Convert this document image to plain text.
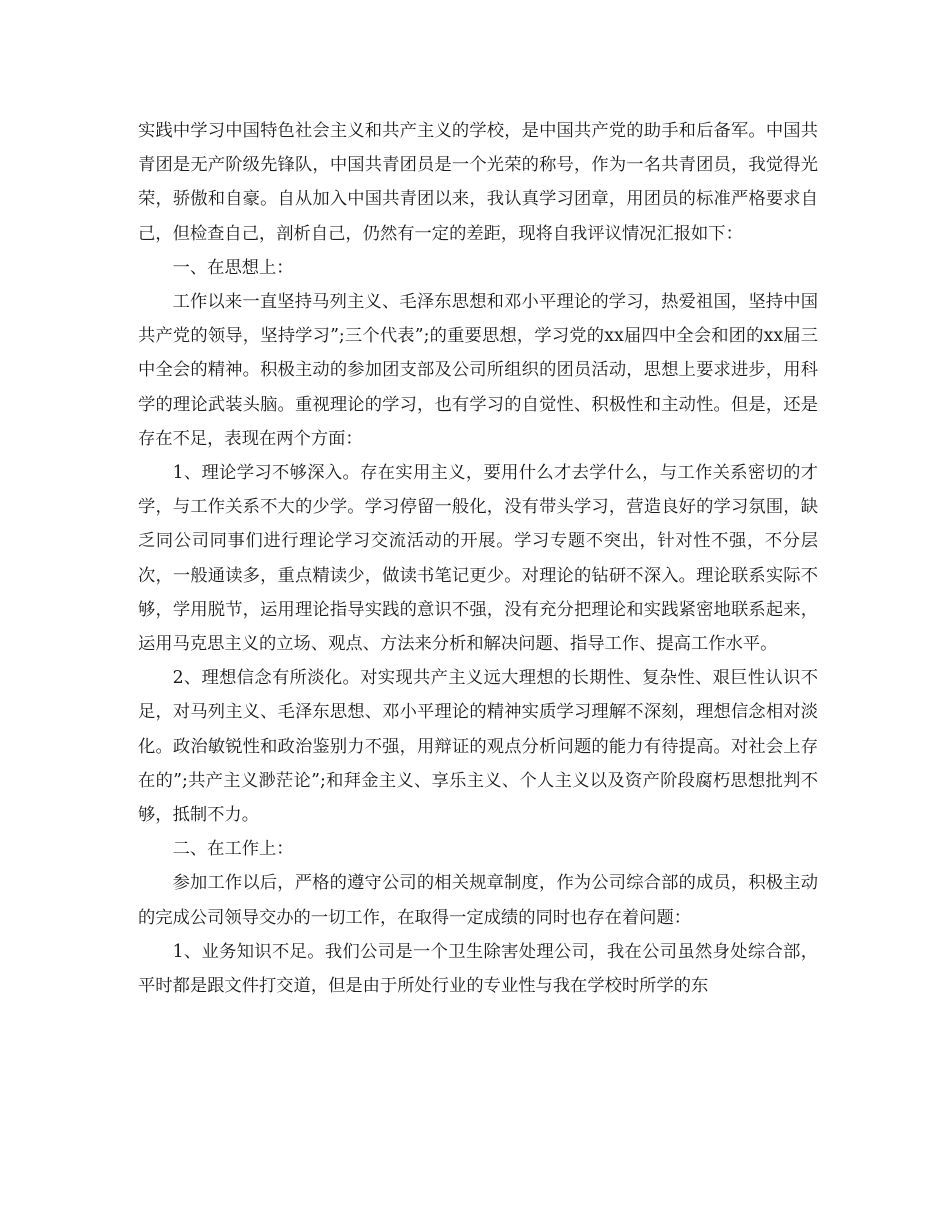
实践中学习中国特色社会主义和共产主义的学校，是中国共产党的助手和后备军。中国共青团是无产阶级先锋队，中国共青团员是一个光荣的称号，作为一名共青团员，我觉得光荣，骄傲和自豪。自从加入中国共青团以来，我认真学习团章，用团员的标准严格要求自己，但检查自己，剖析自己，仍然有一定的差距，现将自我评议情况汇报如下：

一、在思想上：

工作以来一直坚持马列主义、毛泽东思想和邓小平理论的学习，热爱祖国，坚持中国共产党的领导，坚持学习”;三个代表”;的重要思想，学习党的xx届四中全会和团的xx届三中全会的精神。积极主动的参加团支部及公司所组织的团员活动，思想上要求进步，用科学的理论武装头脑。重视理论的学习，也有学习的自觉性、积极性和主动性。但是，还是存在不足，表现在两个方面：

1、理论学习不够深入。存在实用主义，要用什么才去学什么，与工作关系密切的才学，与工作关系不大的少学。学习停留一般化，没有带头学习，营造良好的学习氛围，缺乏同公司同事们进行理论学习交流活动的开展。学习专题不突出，针对性不强，不分层次，一般通读多，重点精读少，做读书笔记更少。对理论的钻研不深入。理论联系实际不够，学用脱节，运用理论指导实践的意识不强，没有充分把理论和实践紧密地联系起来，运用马克思主义的立场、观点、方法来分析和解决问题、指导工作、提高工作水平。

2、理想信念有所淡化。对实现共产主义远大理想的长期性、复杂性、艰巨性认识不足，对马列主义、毛泽东思想、邓小平理论的精神实质学习理解不深刻，理想信念相对淡化。政治敏锐性和政治鉴别力不强，用辩证的观点分析问题的能力有待提高。对社会上存在的”;共产主义渺茫论”;和拜金主义、享乐主义、个人主义以及资产阶段腐朽思想批判不够，抵制不力。

二、在工作上：

参加工作以后，严格的遵守公司的相关规章制度，作为公司综合部的成员，积极主动的完成公司领导交办的一切工作，在取得一定成绩的同时也存在着问题：

1、业务知识不足。我们公司是一个卫生除害处理公司，我在公司虽然身处综合部，平时都是跟文件打交道，但是由于所处行业的专业性与我在学校时所学的东
